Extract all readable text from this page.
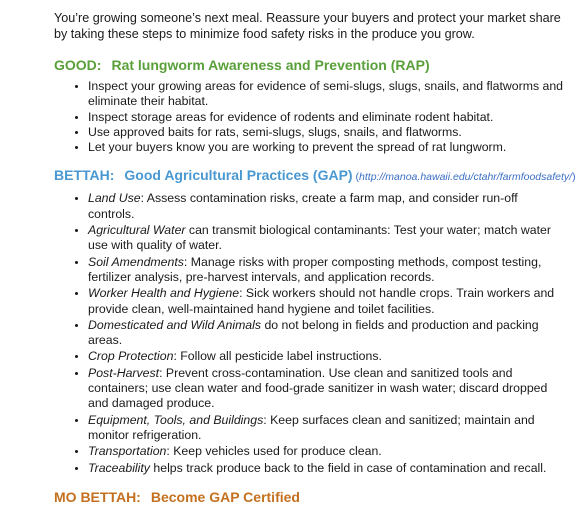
You’re growing someone’s next meal. Reassure your buyers and protect your market share by taking these steps to minimize food safety risks in the produce you grow.

GOOD: Rat lungworm Awareness and Prevention (RAP)
• Inspect your growing areas for evidence of semi-slugs, slugs, snails, and flatworms and eliminate their habitat.
• Inspect storage areas for evidence of rodents and eliminate rodent habitat.
• Use approved baits for rats, semi-slugs, slugs, snails, and flatworms.
• Let your buyers know you are working to prevent the spread of rat lungworm.
BETTAH: Good Agricultural Practices (GAP) (http://manoa.hawaii.edu/ctahr/farmfoodsafety/)
• Land Use: Assess contamination risks, create a farm map, and consider run-off controls.
• Agricultural Water can transmit biological contaminants: Test your water; match water use with quality of water.
• Soil Amendments: Manage risks with proper composting methods, compost testing, fertilizer analysis, pre-harvest intervals, and application records.
• Worker Health and Hygiene: Sick workers should not handle crops. Train workers and provide clean, well-maintained hand hygiene and toilet facilities.
• Domesticated and Wild Animals do not belong in fields and production and packing areas.
• Crop Protection: Follow all pesticide label instructions.
• Post-Harvest: Prevent cross-contamination. Use clean and sanitized tools and containers; use clean water and food-grade sanitizer in wash water; discard dropped and damaged produce.
• Equipment, Tools, and Buildings: Keep surfaces clean and sanitized; maintain and monitor refrigeration.
• Transportation: Keep vehicles used for produce clean.
• Traceability helps track produce back to the field in case of contamination and recall.
MO BETTAH: Become GAP Certified
